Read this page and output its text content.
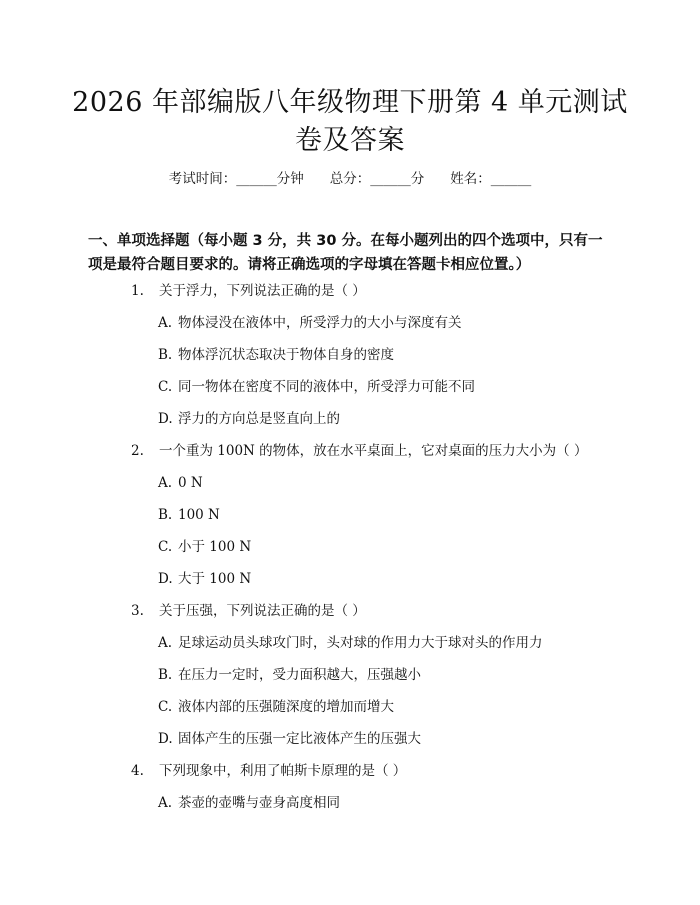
2026 年部编版八年级物理下册第 4 单元测试
卷及答案
考试时间：______分钟 总分：______分 姓名：______
一、单项选择题（每小题 3 分，共 30 分。在每小题列出的四个选项中，只有一项是最符合题目要求的。请将正确选项的字母填在答题卡相应位置。）
1. 关于浮力，下列说法正确的是（ ）
A. 物体浸没在液体中，所受浮力的大小与深度有关
B. 物体浮沉状态取决于物体自身的密度
C. 同一物体在密度不同的液体中，所受浮力可能不同
D. 浮力的方向总是竖直向上的
2. 一个重为 100N 的物体，放在水平桌面上，它对桌面的压力大小为（ ）
A. 0 N
B. 100 N
C. 小于 100 N
D. 大于 100 N
3. 关于压强，下列说法正确的是（ ）
A. 足球运动员头球攻门时，头对球的作用力大于球对头的作用力
B. 在压力一定时，受力面积越大，压强越小
C. 液体内部的压强随深度的增加而增大
D. 固体产生的压强一定比液体产生的压强大
4. 下列现象中，利用了帕斯卡原理的是（ ）
A. 茶壶的壶嘴与壶身高度相同
